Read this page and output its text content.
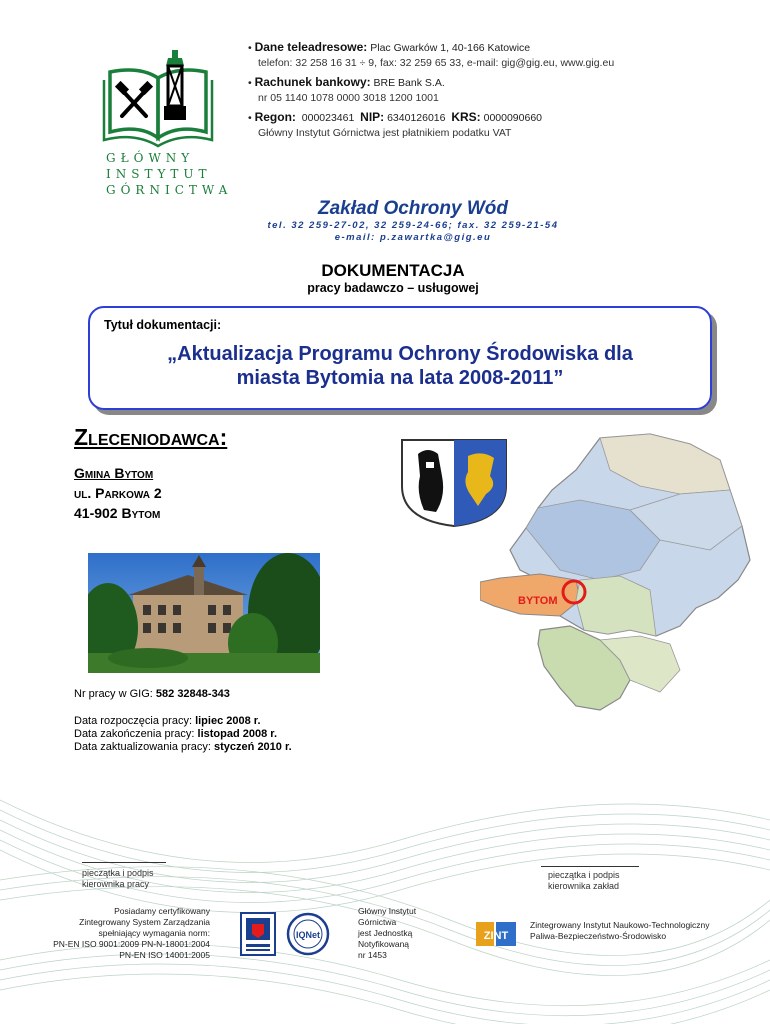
GŁÓWNY
INSTYTUT
GÓRNICTWA
• Dane teleadresowe: Plac Gwarków 1, 40-166 Katowice
telefon: 32 258 16 31 ÷ 9, fax: 32 259 65 33, e-mail: gig@gig.eu, www.gig.eu
• Rachunek bankowy: BRE Bank S.A.
nr 05 1140 1078 0000 3018 1200 1001
• Regon: 000023461 NIP: 6340126016 KRS: 0000090660
Główny Instytut Górnictwa jest płatnikiem podatku VAT
Zakład Ochrony Wód
tel. 32 259-27-02, 32 259-24-66; fax. 32 259-21-54
e-mail: p.zawartka@gig.eu
DOKUMENTACJA
pracy badawczo – usługowej
Tytuł dokumentacji:
„Aktualizacja Programu Ochrony Środowiska dla
miasta Bytomia na lata 2008-2011”
Zleceniodawca:
Gmina Bytom
ul. Parkowa 2
41-902 Bytom
BYTOM
Nr pracy w GIG: 582 32848-343
Data rozpoczęcia pracy: lipiec 2008 r.
Data zakończenia pracy: listopad 2008 r.
Data zaktualizowania pracy: styczeń 2010 r.
pieczątka i podpis
kierownika pracy
pieczątka i podpis
kierownika zakład
Posiadamy certyfikowany
Zintegrowany System Zarządzania
spełniający wymagania norm:
PN-EN ISO 9001:2009 PN-N-18001:2004
PN-EN ISO 14001:2005
IQNet
Główny Instytut
Górnictwa
jest Jednostką
Notyfikowaną
nr 1453
ZINT
Zintegrowany Instytut Naukowo-Technologiczny
Paliwa-Bezpieczeństwo-Środowisko
